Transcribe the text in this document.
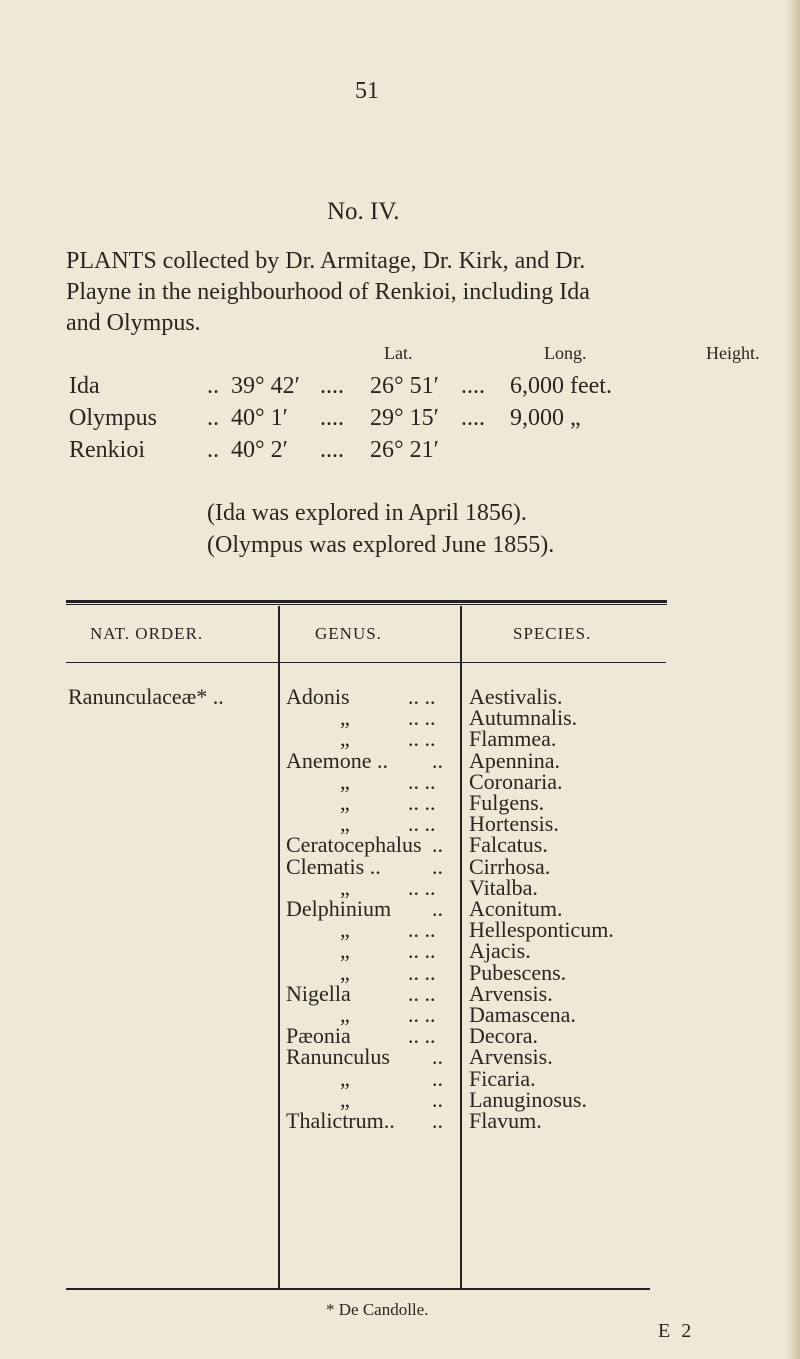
51
No. IV.
PLANTS collected by Dr. Armitage, Dr. Kirk, and Dr.
Playne in the neighbourhood of Renkioi, including Ida
and Olympus.
Lat.	Long.	Height.
Ida	.. 39° 42′ .... 26° 51′ .... 6,000 feet.
Olympus .. 40° 1′ .... 29° 15′ .... 9,000 „
Renkioi	.. 40° 2′ .... 26° 21′
(Ida was explored in April 1856).
(Olympus was explored June 1855).
NAT. ORDER.	GENUS.	SPECIES.
Ranunculaceæ* ..	Adonis	.. .. Aestivalis.
„	.. .. Autumnalis.
„	.. .. Flammea.
Anemone .. .. Apennina.
„	.. .. Coronaria.
„	.. .. Fulgens.
„	.. .. Hortensis.
Ceratocephalus .. Falcatus.
Clematis .. .. Cirrhosa.
„	.. .. Vitalba.
Delphinium .. Aconitum.
„	.. .. Hellesponticum.
„	.. .. Ajacis.
„	.. .. Pubescens.
Nigella	.. .. Arvensis.
„	.. .. Damascena.
Pæonia	.. .. Decora.
Ranunculus .. Arvensis.
„	.. Ficaria.
„	.. Lanuginosus.
Thalictrum.. .. Flavum.
* De Candolle.
E 2
